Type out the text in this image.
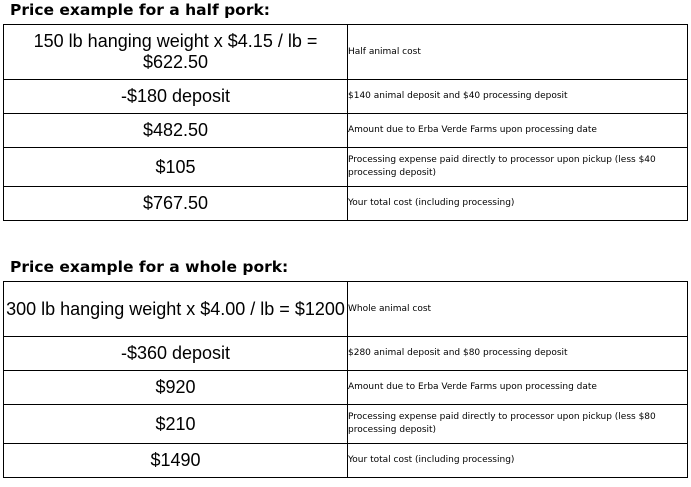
Price example for a half pork:
150 lb hanging weight x $4.15 / lb = $622.50	Half animal cost
-$180 deposit	$140 animal deposit and $40 processing deposit
$482.50	Amount due to Erba Verde Farms upon processing date
$105	Processing expense paid directly to processor upon pickup (less $40 processing deposit)
$767.50	Your total cost (including processing)
Price example for a whole pork:
300 lb hanging weight x $4.00 / lb = $1200	Whole animal cost
-$360 deposit	$280 animal deposit and $80 processing deposit
$920	Amount due to Erba Verde Farms upon processing date
$210	Processing expense paid directly to processor upon pickup (less $80 processing deposit)
$1490	Your total cost (including processing)
